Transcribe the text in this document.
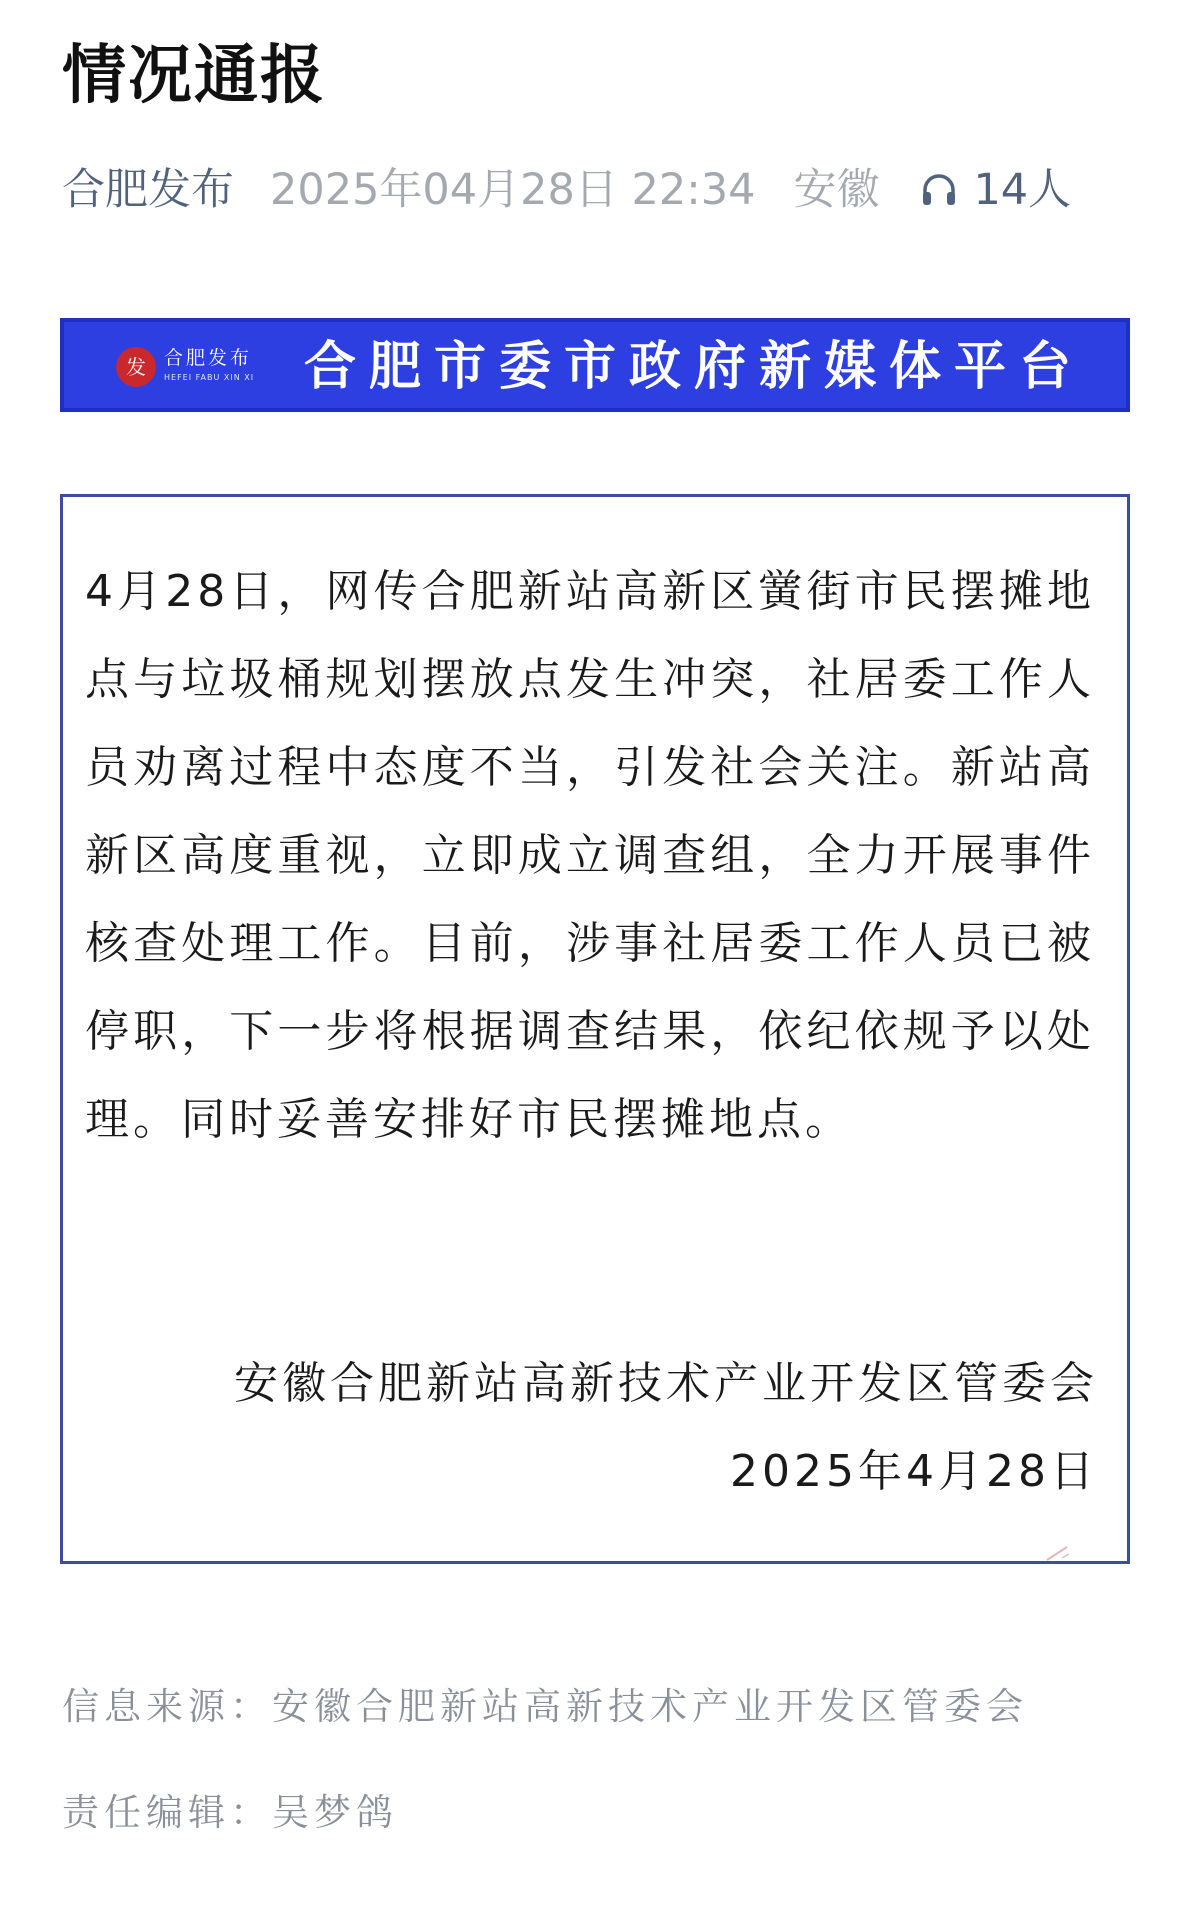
情况通报
合肥发布 2025年04月28日 22:34 安徽 14人
发 合肥发布
HEFEI FABU XIN XI 合肥市委市政府新媒体平台

4月28日，网传合肥新站高新区黉街市民摆摊地点与垃圾桶规划摆放点发生冲突，社居委工作人员劝离过程中态度不当，引发社会关注。新站高新区高度重视，立即成立调查组，全力开展事件核查处理工作。目前，涉事社居委工作人员已被停职，下一步将根据调查结果，依纪依规予以处理。同时妥善安排好市民摆摊地点。

安徽合肥新站高新技术产业开发区管委会
2025年4月28日
信息来源：安徽合肥新站高新技术产业开发区管委会
责任编辑：吴梦鸽
